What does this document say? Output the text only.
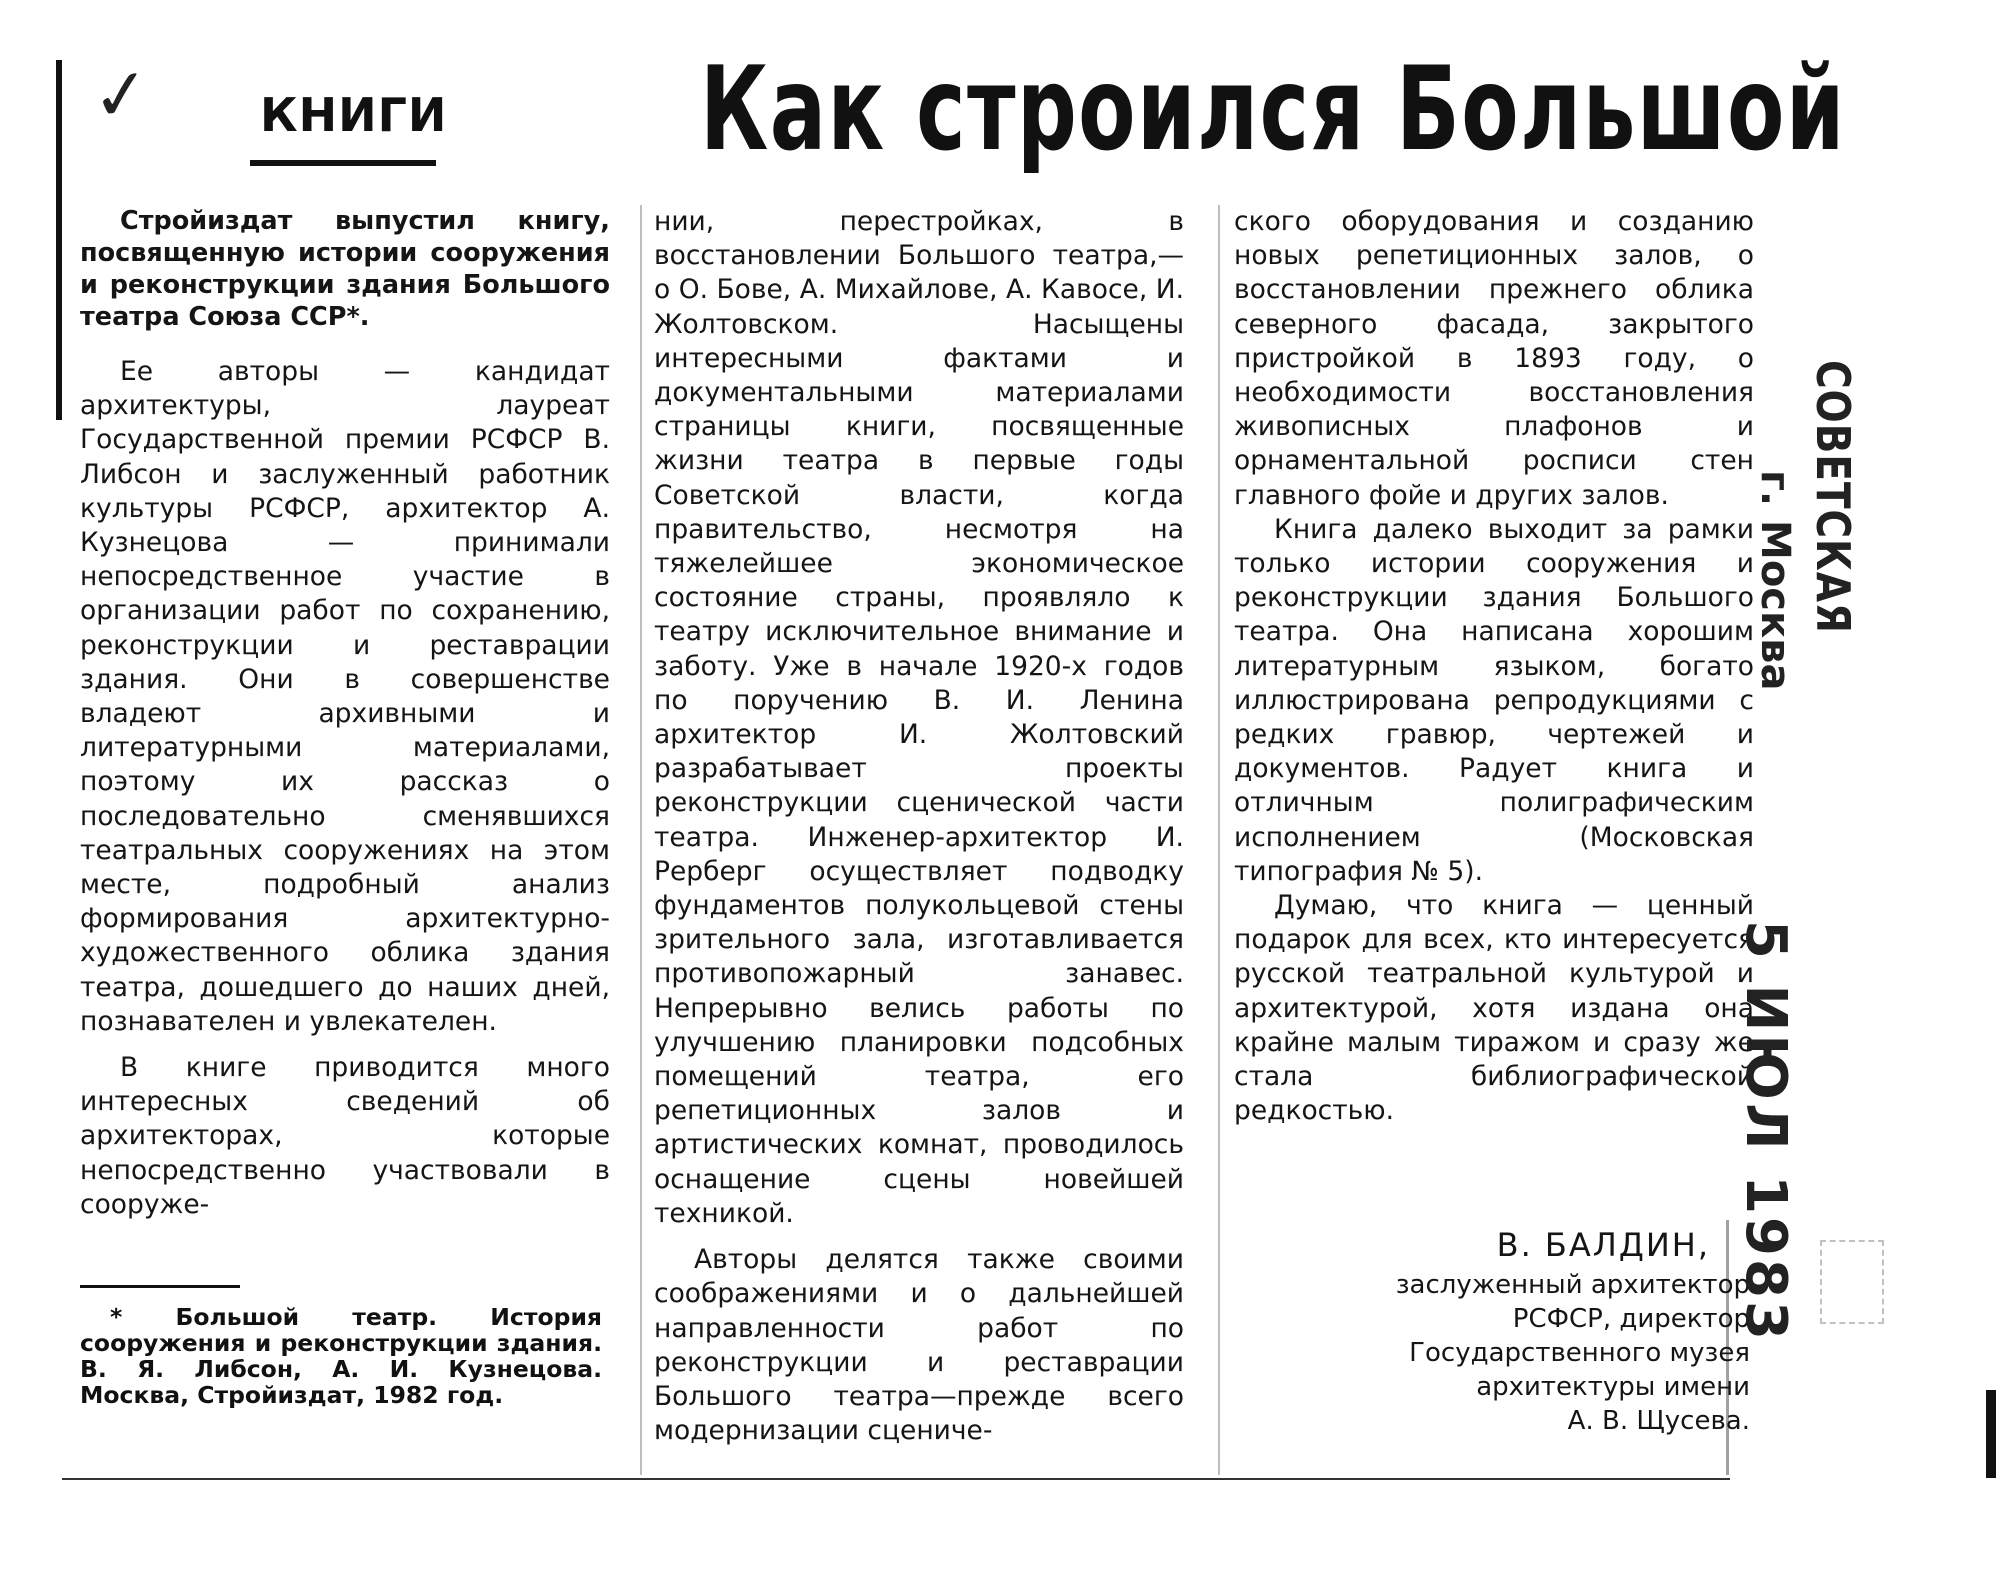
✓ КНИГИ Как строился Большой

Стройиздат выпустил книгу, посвященную истории сооружения и реконструкции здания Большого театра Союза ССР*.

Ее авторы — кандидат архитектуры, лауреат Государственной премии РСФСР В. Либсон и заслуженный работник культуры РСФСР, архитектор А. Кузнецова — принимали непосредственное участие в организации работ по сохранению, реконструкции и реставрации здания. Они в совершенстве владеют архивными и литературными материалами, поэтому их рассказ о последовательно сменявшихся театральных сооружениях на этом месте, подробный анализ формирования архитектурно-художественного облика здания театра, дошедшего до наших дней, познавателен и увлекателен.

В книге приводится много интересных сведений об архитекторах, которые непосредственно участвовали в сооруже-

* Большой театр. История сооружения и реконструкции здания. В. Я. Либсон, А. И. Кузнецова. Москва, Стройиздат, 1982 год.

нии, перестройках, в восстановлении Большого театра,— о О. Бове, А. Михайлове, А. Кавосе, И. Жолтовском. Насыщены интересными фактами и документальными материалами страницы книги, посвященные жизни театра в первые годы Советской власти, когда правительство, несмотря на тяжелейшее экономическое состояние страны, проявляло к театру исключительное внимание и заботу. Уже в начале 1920-х годов по поручению В. И. Ленина архитектор И. Жолтовский разрабатывает проекты реконструкции сценической части театра. Инженер-архитектор И. Рерберг осуществляет подводку фундаментов полукольцевой стены зрительного зала, изготавливается противопожарный занавес. Непрерывно велись работы по улучшению планировки подсобных помещений театра, его репетиционных залов и артистических комнат, проводилось оснащение сцены новейшей техникой.

Авторы делятся также своими соображениями и о дальнейшей направленности работ по реконструкции и реставрации Большого театра—прежде всего модернизации сцениче-

ского оборудования и созданию новых репетиционных залов, о восстановлении прежнего облика северного фасада, закрытого пристройкой в 1893 году, о необходимости восстановления живописных плафонов и орнаментальной росписи стен главного фойе и других залов.

Книга далеко выходит за рамки только истории сооружения и реконструкции здания Большого театра. Она написана хорошим литературным языком, богато иллюстрирована репродукциями с редких гравюр, чертежей и документов. Радует книга и отличным полиграфическим исполнением (Московская типография № 5).

Думаю, что книга — ценный подарок для всех, кто интересуется русской театральной культурой и архитектурой, хотя издана она крайне малым тиражом и сразу же стала библиографической редкостью.

В. БАЛДИН,
заслуженный архитектор
РСФСР, директор
Государственного музея
архитектуры имени
А. В. Щусева.
СОВЕТСКАЯ
г. Москва
5 ИЮЛ 1983
